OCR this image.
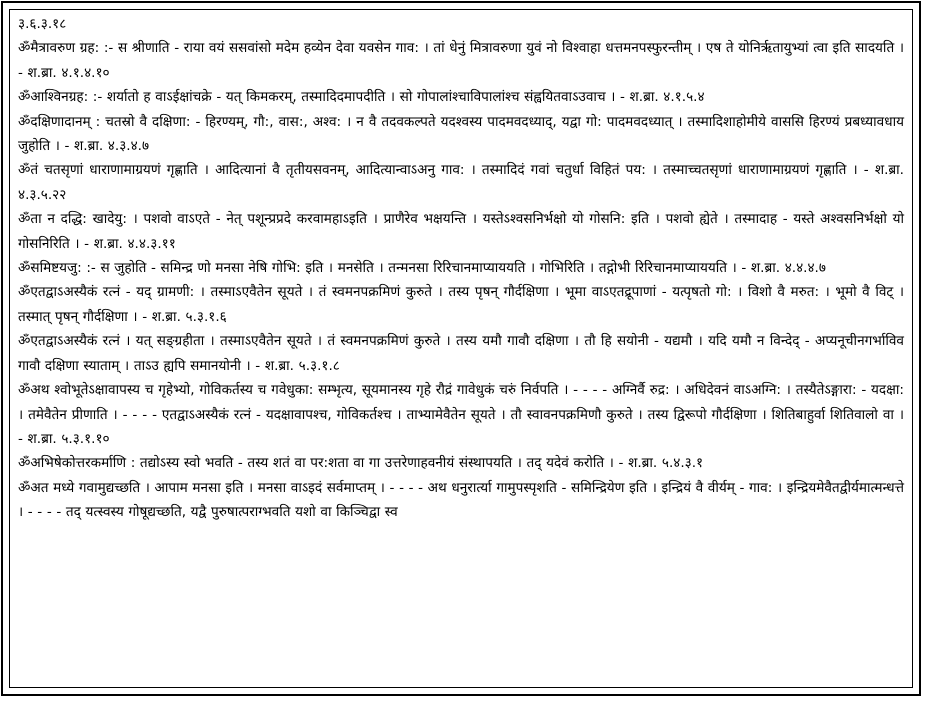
३.६.३.१८

ॐमैत्रावरुण ग्रह: :- स श्रीणाति - राया वयं ससवांसो मदेम हव्येन देवा यवसेन गाव: । तां धेनुं मित्रावरुणा युवं नो विश्वाहा धत्तमनपस्फुरन्तीम् । एष ते योनिरृतायुभ्यां त्वा इति सादयति । - श.ब्रा. ४.१.४.१०

ॐआश्विनग्रह: :- शर्यातो ह वाऽईक्षांचक्रे - यत् किमकरम्, तस्मादिदमापदीति । सो गोपालांश्चाविपालांश्च संह्वयितवाऽउवाच । - श.ब्रा. ४.१.५.४

ॐदक्षिणादानम् : चतस्रो वै दक्षिणा: - हिरण्यम्, गौ:, वास:, अश्व: । न वै तदवकल्पते यदश्वस्य पादमवदध्याद्, यद्वा गो: पादमवदध्यात् । तस्मादिशाहोमीये वाससि हिरण्यं प्रबध्यावधाय जुहोति । - श.ब्रा. ४.३.४.७

ॐतं चतसृणां धाराणामाग्रयणं गृह्णाति । आदित्यानां वै तृतीयसवनम्, आदित्यान्वाऽअनु गाव: । तस्मादिदं गवां चतुर्धा विहितं पय: । तस्माच्चतसृणां धाराणामाग्रयणं गृह्णाति । - श.ब्रा. ४.३.५.२२

ॐता न दद्धि: खादेयु: । पशवो वाऽएते - नेत् पशून्प्रप्रदे करवामहाऽइति । प्राणैरेव भक्षयन्ति । यस्तेऽश्वसनिर्भक्षो यो गोसनि: इति । पशवो ह्येते । तस्मादाह - यस्ते अश्वसनिर्भक्षो यो गोसनिरिति । - श.ब्रा. ४.४.३.११

ॐसमिष्टयजु: :- स जुहोति - समिन्द्र णो मनसा नेषि गोभि: इति । मनसेति । तन्मनसा रिरिचानमाप्याययति । गोभिरिति । तद्गोभी रिरिचानमाप्याययति । - श.ब्रा. ४.४.४.७

ॐएतद्वाऽअस्यैकं रत्नं - यद् ग्रामणी: । तस्माऽएवैतेन सूयते । तं स्वमनपक्रमिणं कुरुते । तस्य पृषन् गौर्दक्षिणा । भूमा वाऽएतद्रूपाणां - यत्पृषतो गो: । विशो वै मरुत: । भूमो वै विट् । तस्मात् पृषन् गौर्दक्षिणा । - श.ब्रा. ५.३.१.६

ॐएतद्वाऽअस्यैकं रत्नं । यत् सङ्ग्रहीता । तस्माऽएवैतेन सूयते । तं स्वमनपक्रमिणं कुरुते । तस्य यमौ गावौ दक्षिणा । तौ हि सयोनी - यद्यमौ । यदि यमौ न विन्देद् - अप्यनूचीनगर्भाविव गावौ दक्षिणा स्याताम् । ताऽउ ह्यपि समानयोनी । - श.ब्रा. ५.३.१.८

ॐअथ श्वोभूतेऽक्षावापस्य च गृहेभ्यो, गोविकर्तस्य च गवेधुका: सम्भृत्य, सूयमानस्य गृहे रौद्रं गावेधुकं चरुं निर्वपति । - - - - अग्निर्वै रुद्र: । अधिदेवनं वाऽअग्नि: । तस्यैतेऽङ्गारा: - यदक्षा: । तमेवैतेन प्रीणाति । - - - - एतद्वाऽअस्यैकं रत्नं - यदक्षावापश्च, गोविकर्तश्च । ताभ्यामेवैतेन सूयते । तौ स्वावनपक्रमिणौ कुरुते । तस्य द्विरूपो गौर्दक्षिणा । शितिबाहुर्वा शितिवालो वा । - श.ब्रा. ५.३.१.१०

ॐअभिषेकोत्तरकर्माणि : तद्योऽस्य स्वो भवति - तस्य शतं वा पर:शता वा गा उत्तरेणाहवनीयं संस्थापयति । तद् यदेवं करोति । - श.ब्रा. ५.४.३.१

ॐअत मध्ये गवामुद्यच्छति । आपाम मनसा इति । मनसा वाऽइदं सर्वमाप्तम् । - - - - अथ धनुरार्त्या गामुपस्पृशति - समिन्द्रियेण इति । इन्द्रियं वै वीर्यम् - गाव: । इन्द्रियमेवैतद्वीर्यमात्मन्धत्ते । - - - - तद् यत्स्वस्य गोषूद्यच्छति, यद्वै पुरुषात्पराग्भवति यशो वा किञ्चिद्वा स्व
